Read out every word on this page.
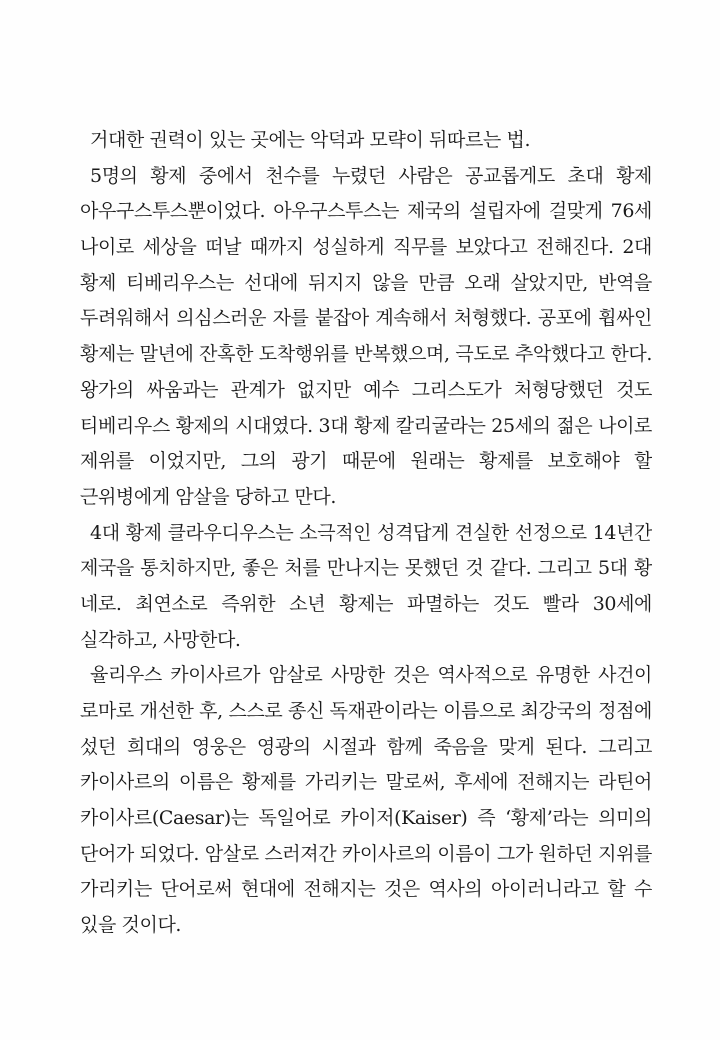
거대한 권력이 있는 곳에는 악덕과 모략이 뒤따르는 법.

5명의 황제 중에서 천수를 누렸던 사람은 공교롭게도 초대 황제
아우구스투스뿐이었다. 아우구스투스는 제국의 설립자에 걸맞게 76세
나이로 세상을 떠날 때까지 성실하게 직무를 보았다고 전해진다. 2대
황제 티베리우스는 선대에 뒤지지 않을 만큼 오래 살았지만, 반역을
두려워해서 의심스러운 자를 붙잡아 계속해서 처형했다. 공포에 휩싸인
황제는 말년에 잔혹한 도착행위를 반복했으며, 극도로 추악했다고 한다.
왕가의 싸움과는 관계가 없지만 예수 그리스도가 처형당했던 것도
티베리우스 황제의 시대였다. 3대 황제 칼리굴라는 25세의 젊은 나이로
제위를 이었지만, 그의 광기 때문에 원래는 황제를 보호해야 할
근위병에게 암살을 당하고 만다.

4대 황제 클라우디우스는 소극적인 성격답게 견실한 선정으로 14년간
제국을 통치하지만, 좋은 처를 만나지는 못했던 것 같다. 그리고 5대 황
네로. 최연소로 즉위한 소년 황제는 파멸하는 것도 빨라 30세에
실각하고, 사망한다.

율리우스 카이사르가 암살로 사망한 것은 역사적으로 유명한 사건이
로마로 개선한 후, 스스로 종신 독재관이라는 이름으로 최강국의 정점에
섰던 희대의 영웅은 영광의 시절과 함께 죽음을 맞게 된다. 그리고
카이사르의 이름은 황제를 가리키는 말로써, 후세에 전해지는 라틴어
카이사르(Caesar)는 독일어로 카이저(Kaiser) 즉 ‘황제’라는 의미의
단어가 되었다. 암살로 스러져간 카이사르의 이름이 그가 원하던 지위를
가리키는 단어로써 현대에 전해지는 것은 역사의 아이러니라고 할 수
있을 것이다.
